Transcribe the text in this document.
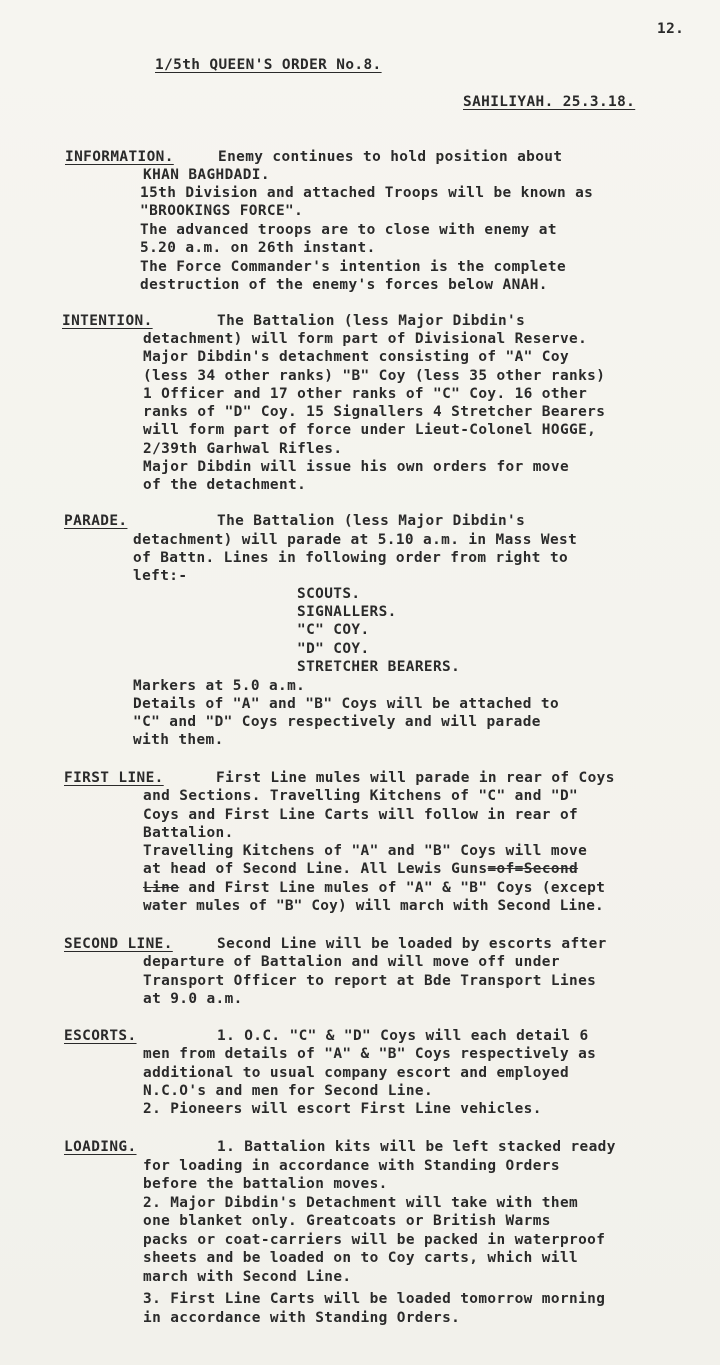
12.
1/5th QUEEN'S ORDER No.8.
SAHILIYAH. 25.3.18.
INFORMATION.	Enemy continues to hold position about
KHAN BAGHDADI.
15th Division and attached Troops will be known as
"BROOKINGS FORCE".
The advanced troops are to close with enemy at
5.20 a.m. on 26th instant.
The Force Commander's intention is the complete
destruction of the enemy's forces below ANAH.
INTENTION.	The Battalion (less Major Dibdin's
detachment) will form part of Divisional Reserve.
Major Dibdin's detachment consisting of "A" Coy
(less 34 other ranks) "B" Coy (less 35 other ranks)
1 Officer and 17 other ranks of "C" Coy. 16 other
ranks of "D" Coy. 15 Signallers 4 Stretcher Bearers
will form part of force under Lieut-Colonel HOGGE,
2/39th Garhwal Rifles.
Major Dibdin will issue his own orders for move
of the detachment.
PARADE.	The Battalion (less Major Dibdin's
detachment) will parade at 5.10 a.m. in Mass West
of Battn. Lines in following order from right to
left:-
SCOUTS.
SIGNALLERS.
"C" COY.
"D" COY.
STRETCHER BEARERS.
Markers at 5.0 a.m.
Details of "A" and "B" Coys will be attached to
"C" and "D" Coys respectively and will parade
with them.
FIRST LINE.	First Line mules will parade in rear of Coys
and Sections. Travelling Kitchens of "C" and "D"
Coys and First Line Carts will follow in rear of
Battalion.
Travelling Kitchens of "A" and "B" Coys will move
at head of Second Line. All Lewis Guns=of=Second
Line and First Line mules of "A" & "B" Coys (except
water mules of "B" Coy) will march with Second Line.
SECOND LINE.	Second Line will be loaded by escorts after
departure of Battalion and will move off under
Transport Officer to report at Bde Transport Lines
at 9.0 a.m.
ESCORTS.	1. O.C. "C" & "D" Coys will each detail 6
men from details of "A" & "B" Coys respectively as
additional to usual company escort and employed
N.C.O's and men for Second Line.
2. Pioneers will escort First Line vehicles.
LOADING.	1. Battalion kits will be left stacked ready
for loading in accordance with Standing Orders
before the battalion moves.
2. Major Dibdin's Detachment will take with them
one blanket only. Greatcoats or British Warms
packs or coat-carriers will be packed in waterproof
sheets and be loaded on to Coy carts, which will
march with Second Line.
3. First Line Carts will be loaded tomorrow morning
in accordance with Standing Orders.
